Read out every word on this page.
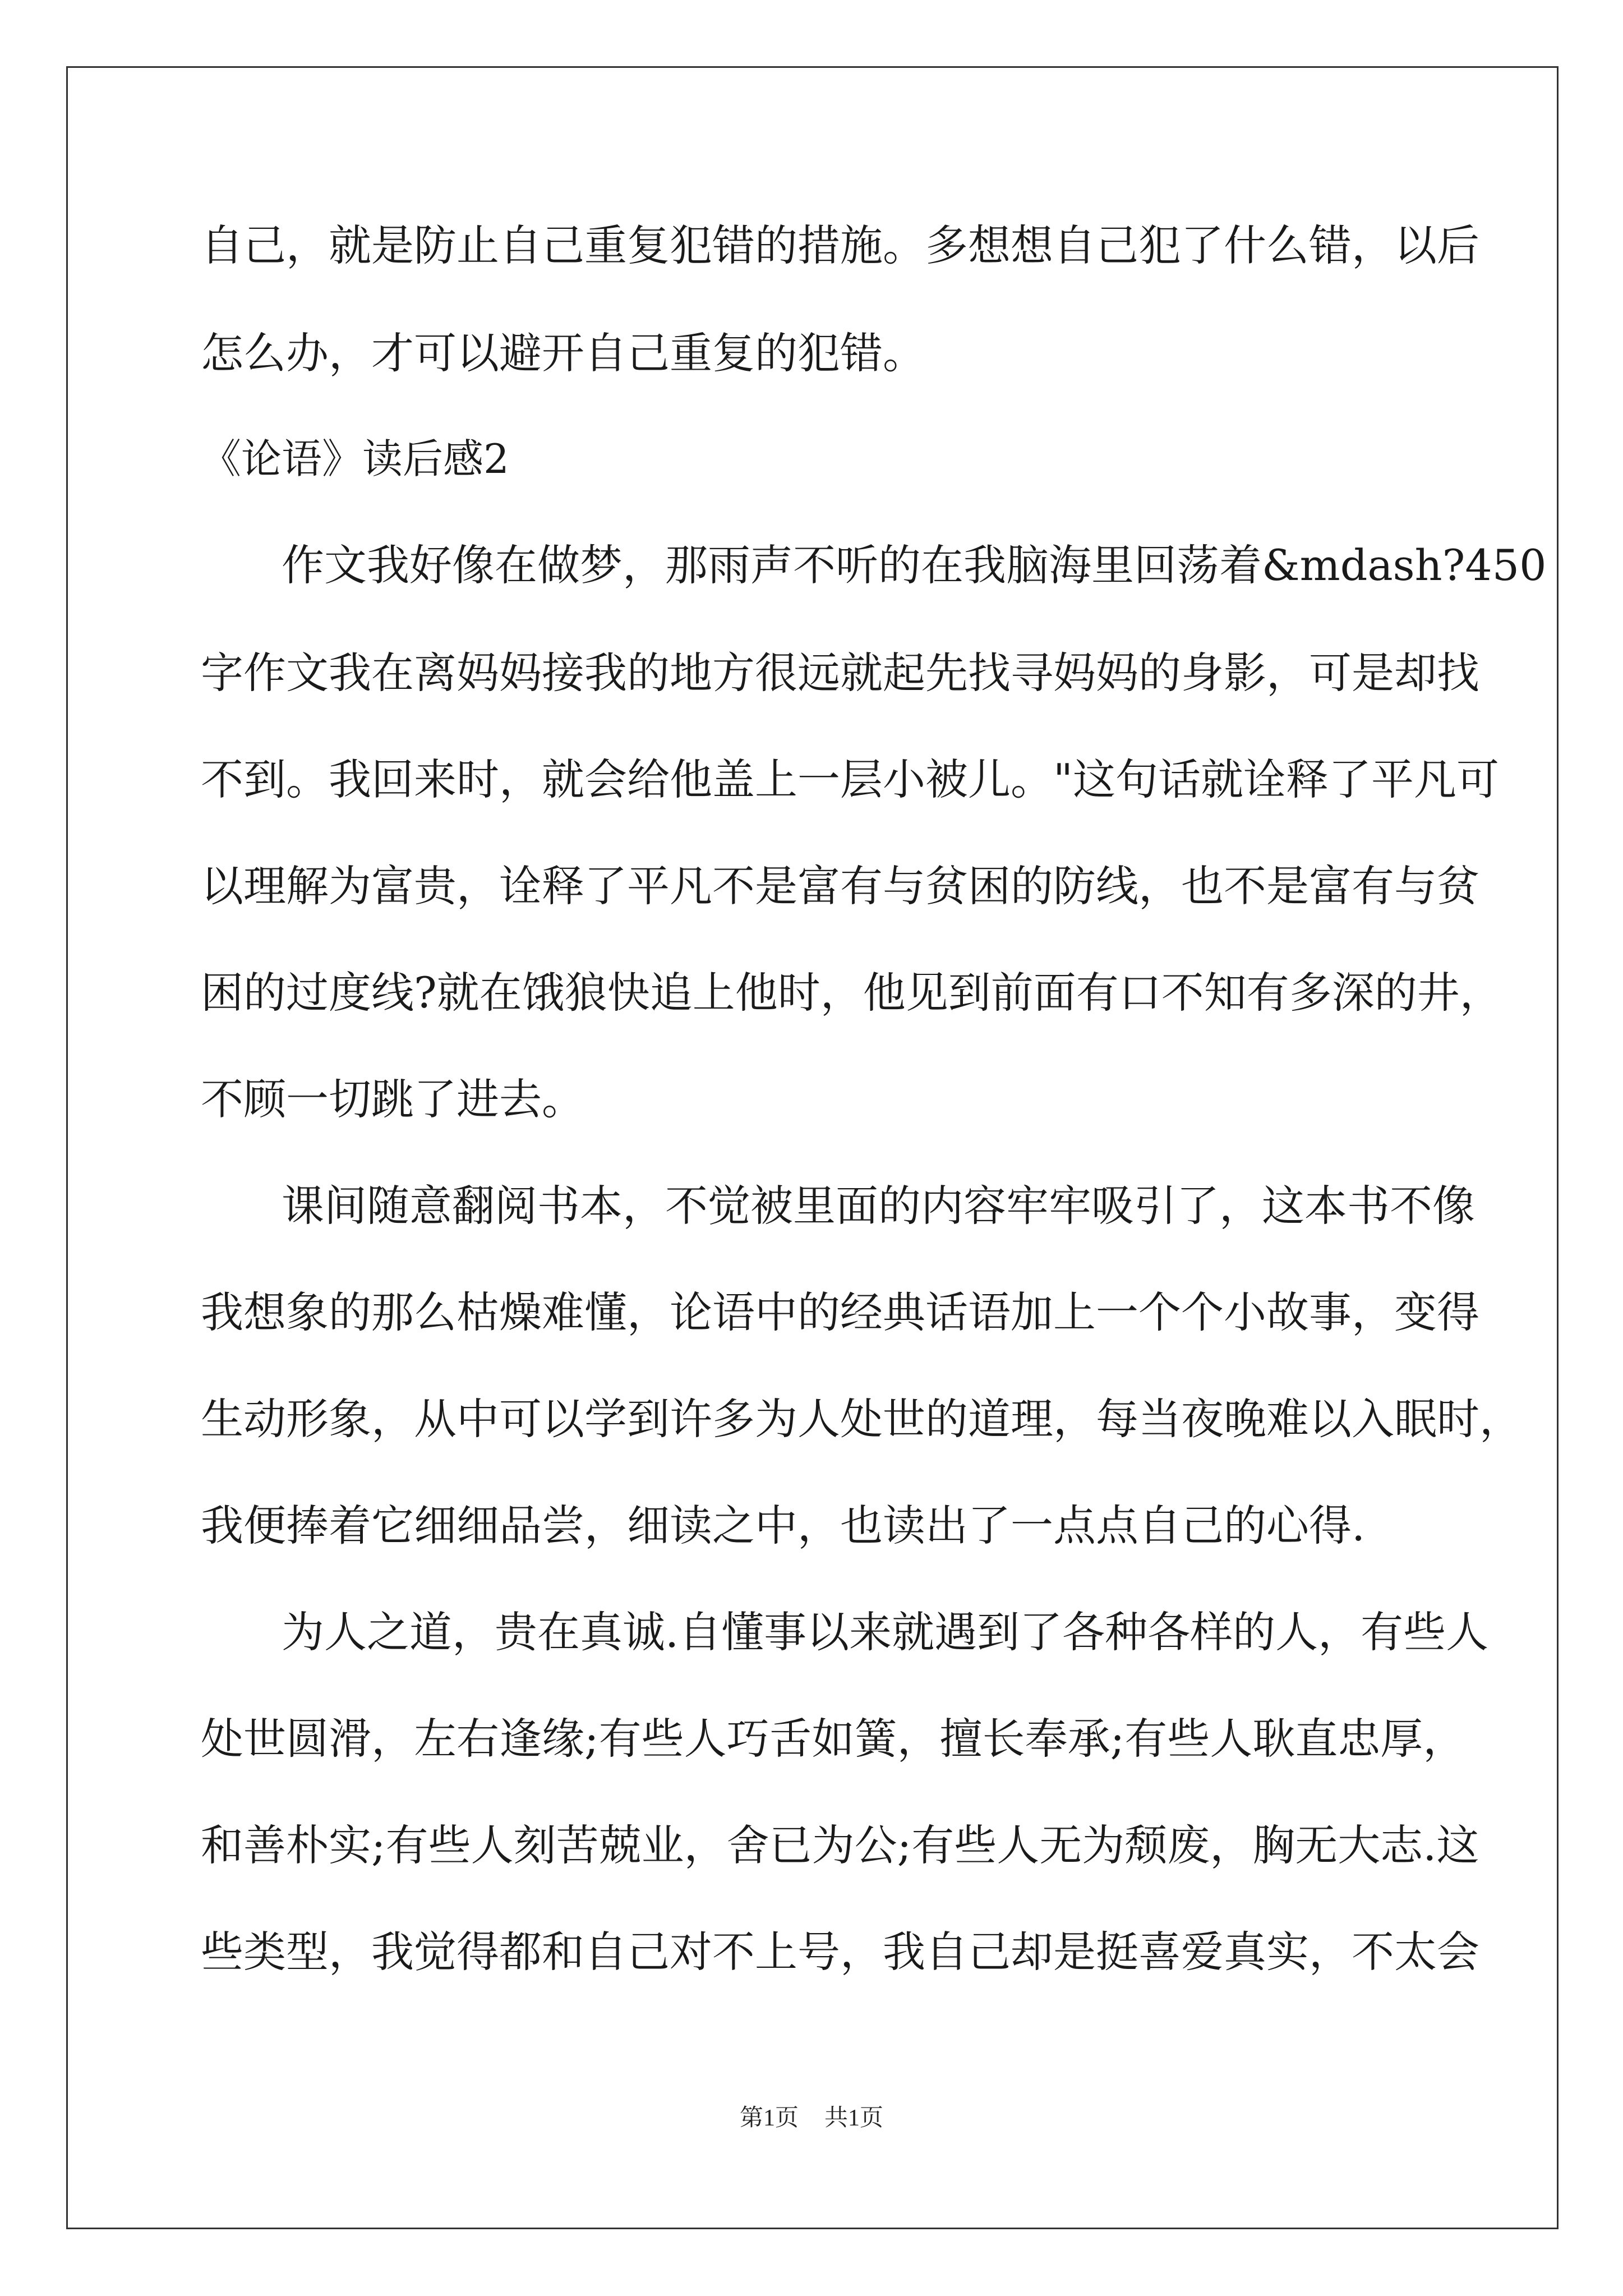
自己，就是防止自己重复犯错的措施。多想想自己犯了什么错，以后
怎么办，才可以避开自己重复的犯错。
《论语》读后感2
作文我好像在做梦，那雨声不听的在我脑海里回荡着&mdash?450
字作文我在离妈妈接我的地方很远就起先找寻妈妈的身影，可是却找
不到。我回来时，就会给他盖上一层小被儿。"这句话就诠释了平凡可
以理解为富贵，诠释了平凡不是富有与贫困的防线，也不是富有与贫
困的过度线?就在饿狼快追上他时，他见到前面有口不知有多深的井，
不顾一切跳了进去。
课间随意翻阅书本，不觉被里面的内容牢牢吸引了，这本书不像
我想象的那么枯燥难懂，论语中的经典话语加上一个个小故事，变得
生动形象，从中可以学到许多为人处世的道理，每当夜晚难以入眠时，
我便捧着它细细品尝，细读之中，也读出了一点点自己的心得.
为人之道，贵在真诚.自懂事以来就遇到了各种各样的人，有些人
处世圆滑，左右逢缘;有些人巧舌如簧，擅长奉承;有些人耿直忠厚，
和善朴实;有些人刻苦兢业，舍已为公;有些人无为颓废，胸无大志.这
些类型，我觉得都和自己对不上号，我自己却是挺喜爱真实，不太会
第1页 共1页
